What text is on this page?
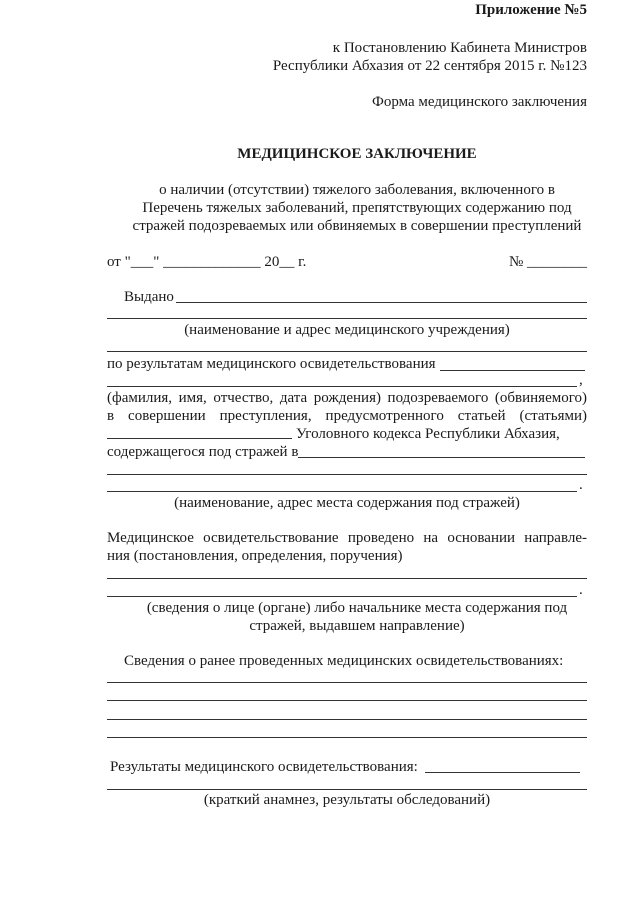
Приложение №5
к Постановлению Кабинета Министров
Республики Абхазия от 22 сентября 2015 г. №123
Форма медицинского заключения
МЕДИЦИНСКОЕ ЗАКЛЮЧЕНИЕ
о наличии (отсутствии) тяжелого заболевания, включенного в
Перечень тяжелых заболеваний, препятствующих содержанию под
стражей подозреваемых или обвиняемых в совершении преступлений
от "___" _____________ 20__ г.	№ ________
Выдано
(наименование и адрес медицинского учреждения)
по результатам медицинского освидетельствования
,
(фамилия, имя, отчество, дата рождения) подозреваемого (обвиняемого)
в совершении преступления, предусмотренного статьей (статьями)
Уголовного кодекса Республики Абхазия,
содержащегося под стражей в
.
(наименование, адрес места содержания под стражей)
Медицинское освидетельствование проведено на основании направле-
ния (постановления, определения, поручения)
.
(сведения о лице (органе) либо начальнике места содержания под
стражей, выдавшем направление)
Сведения о ранее проведенных медицинских освидетельствованиях:
Результаты медицинского освидетельствования:
(краткий анамнез, результаты обследований)
